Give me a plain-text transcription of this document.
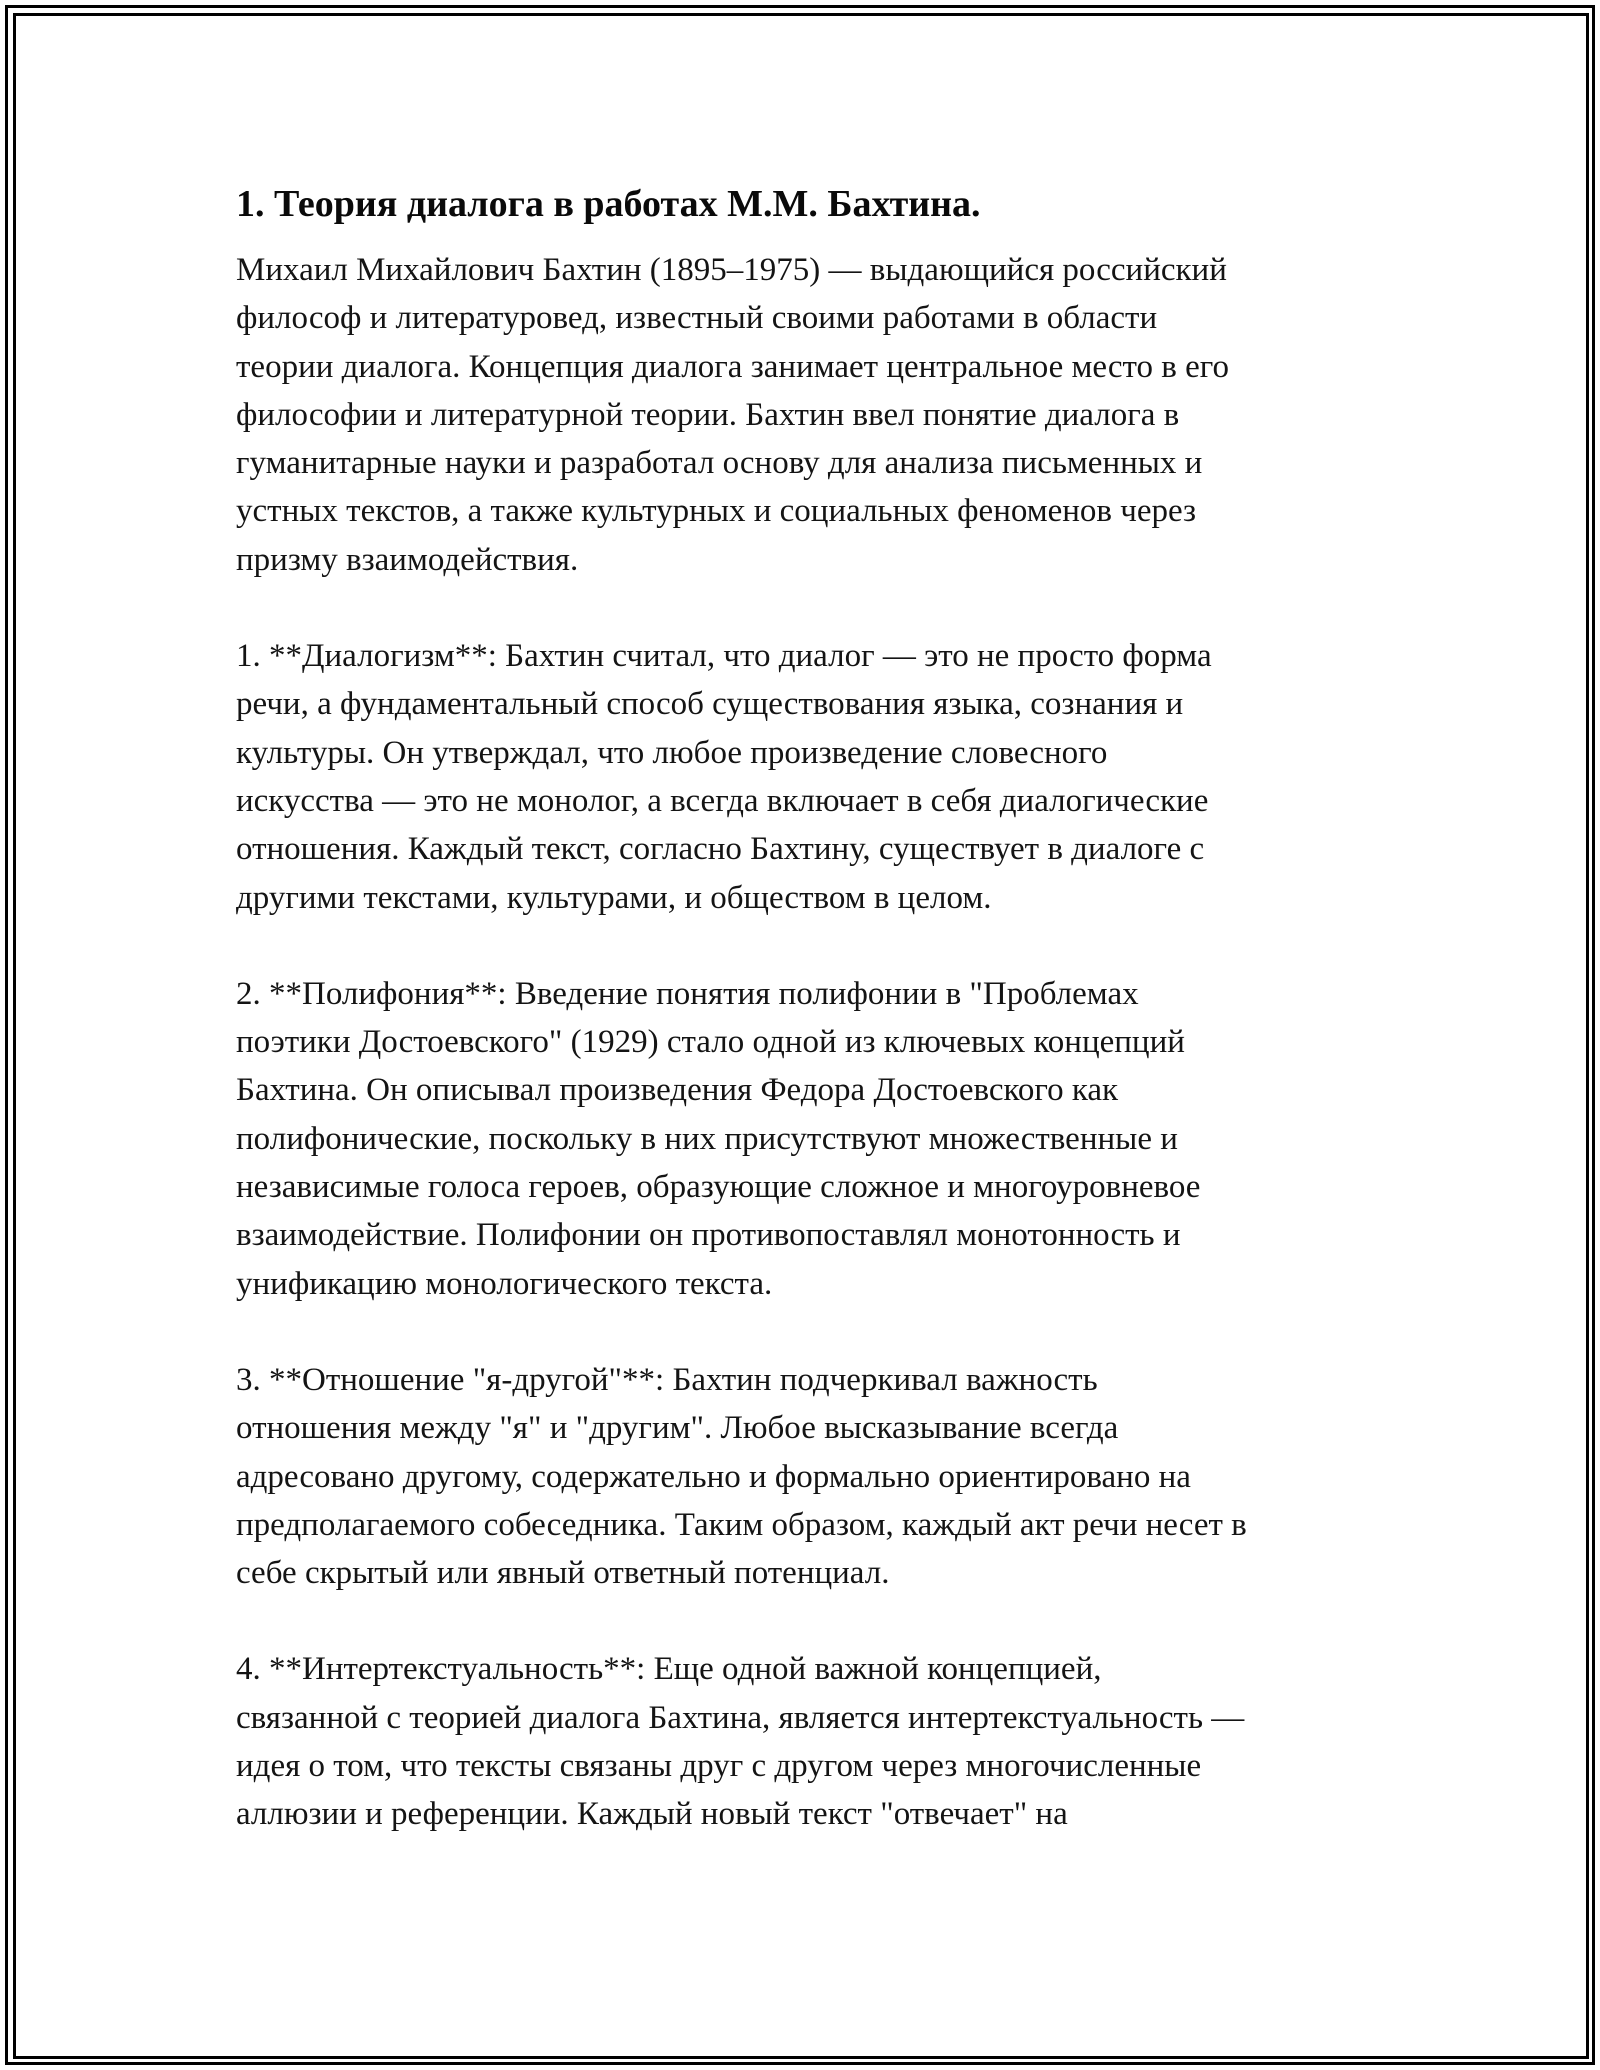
1. Теория диалога в работах М.М. Бахтина.
Михаил Михайлович Бахтин (1895–1975) — выдающийся российский
философ и литературовед, известный своими работами в области
теории диалога. Концепция диалога занимает центральное место в его
философии и литературной теории. Бахтин ввел понятие диалога в
гуманитарные науки и разработал основу для анализа письменных и
устных текстов, а также культурных и социальных феноменов через
призму взаимодействия.
1. **Диалогизм**: Бахтин считал, что диалог — это не просто форма
речи, а фундаментальный способ существования языка, сознания и
культуры. Он утверждал, что любое произведение словесного
искусства — это не монолог, а всегда включает в себя диалогические
отношения. Каждый текст, согласно Бахтину, существует в диалоге с
другими текстами, культурами, и обществом в целом.
2. **Полифония**: Введение понятия полифонии в "Проблемах
поэтики Достоевского" (1929) стало одной из ключевых концепций
Бахтина. Он описывал произведения Федора Достоевского как
полифонические, поскольку в них присутствуют множественные и
независимые голоса героев, образующие сложное и многоуровневое
взаимодействие. Полифонии он противопоставлял монотонность и
унификацию монологического текста.
3. **Отношение "я-другой"**: Бахтин подчеркивал важность
отношения между "я" и "другим". Любое высказывание всегда
адресовано другому, содержательно и формально ориентировано на
предполагаемого собеседника. Таким образом, каждый акт речи несет в
себе скрытый или явный ответный потенциал.
4. **Интертекстуальность**: Еще одной важной концепцией,
связанной с теорией диалога Бахтина, является интертекстуальность —
идея о том, что тексты связаны друг с другом через многочисленные
аллюзии и референции. Каждый новый текст "отвечает" на
